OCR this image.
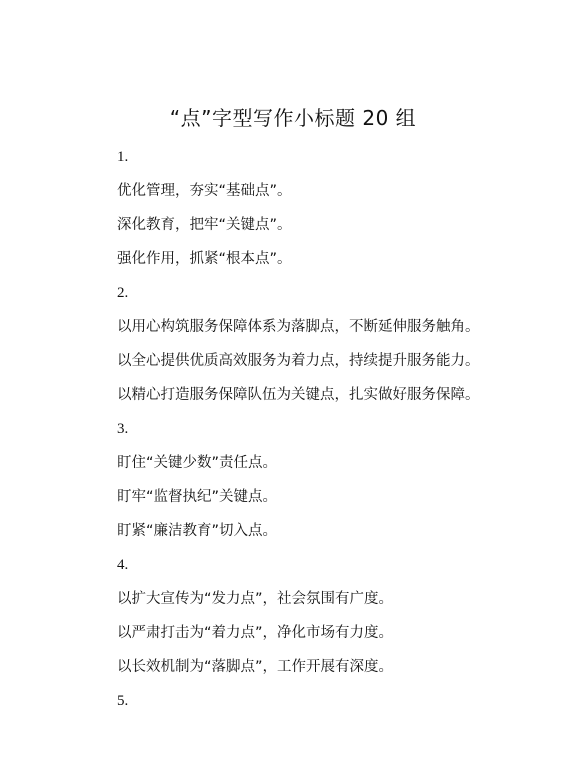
“点”字型写作小标题 20 组
1.
优化管理，夯实“基础点”。
深化教育，把牢“关键点”。
强化作用，抓紧“根本点”。
2.
以用心构筑服务保障体系为落脚点，不断延伸服务触角。
以全心提供优质高效服务为着力点，持续提升服务能力。
以精心打造服务保障队伍为关键点，扎实做好服务保障。
3.
盯住“关键少数”责任点。
盯牢“监督执纪”关键点。
盯紧“廉洁教育”切入点。
4.
以扩大宣传为“发力点”，社会氛围有广度。
以严肃打击为“着力点”，净化市场有力度。
以长效机制为“落脚点”，工作开展有深度。
5.
